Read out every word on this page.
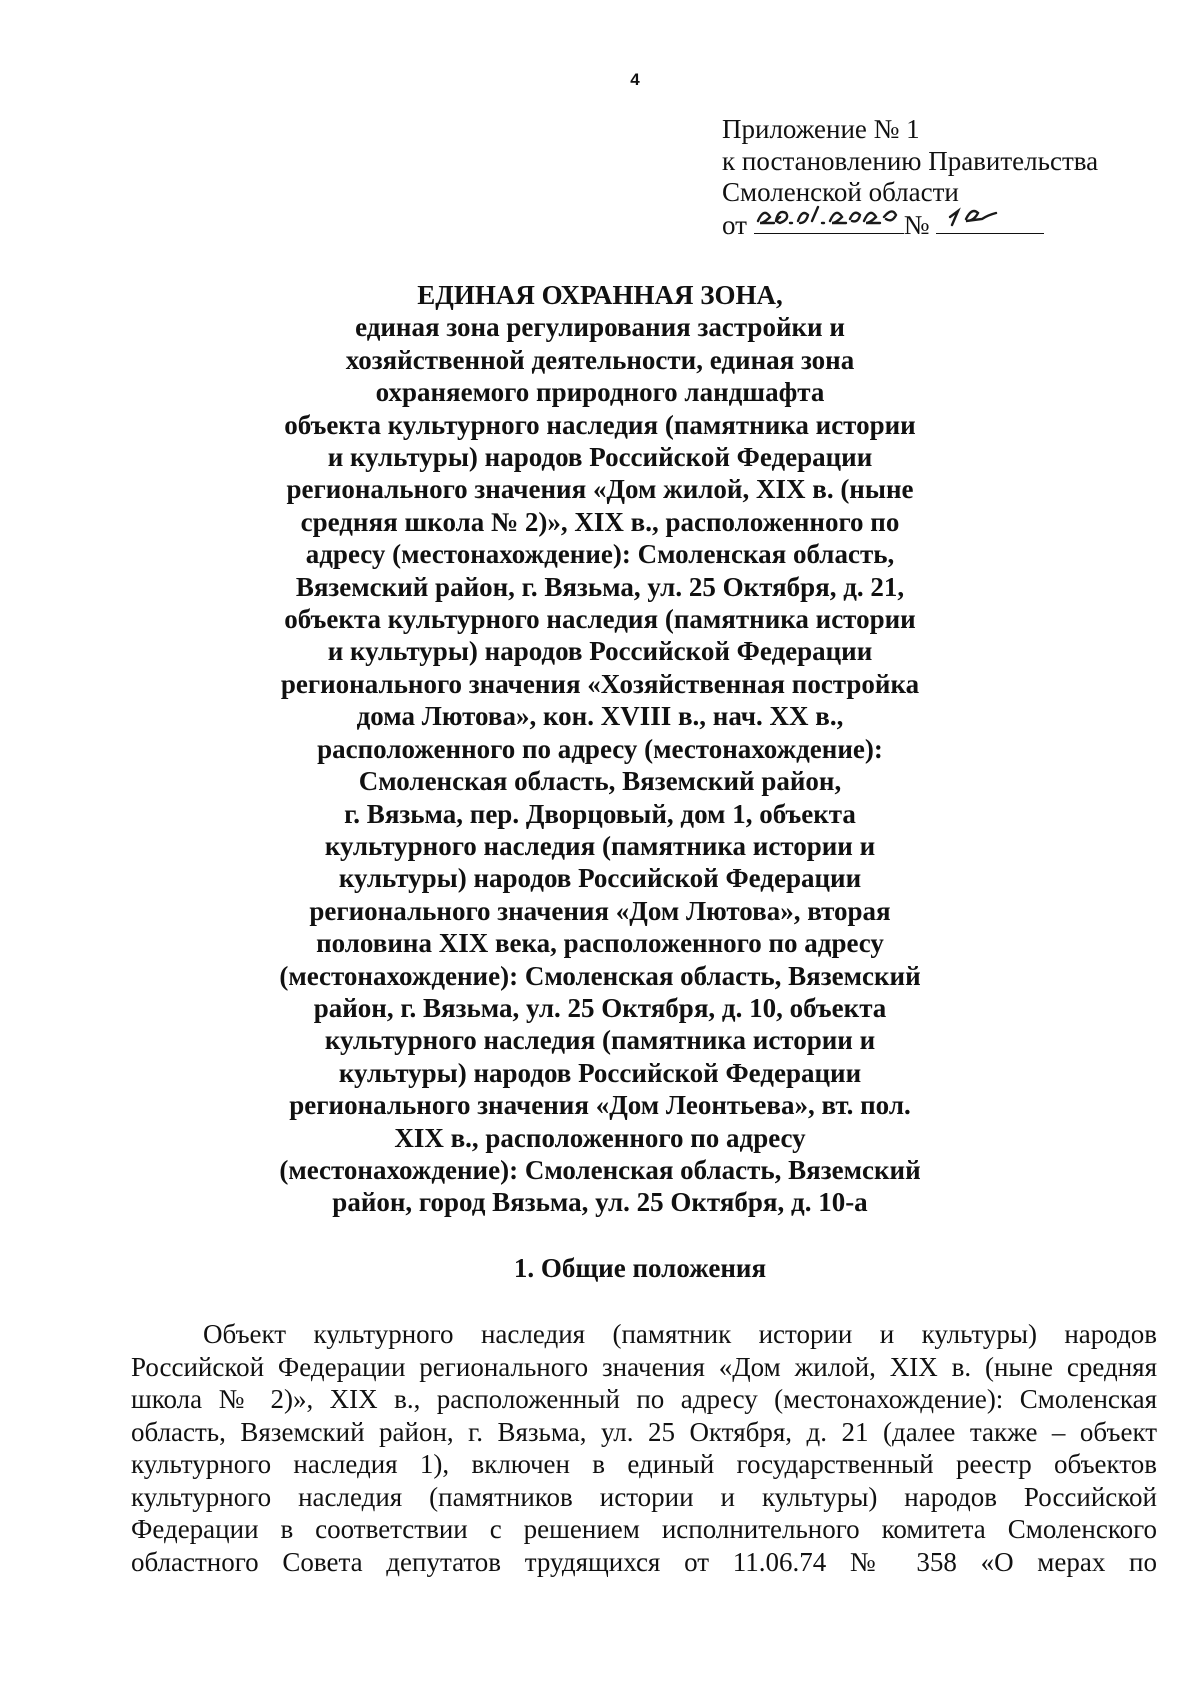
4
Приложение № 1
к постановлению Правительства
Смоленской области
от	№
ЕДИНАЯ ОХРАННАЯ ЗОНА,
единая зона регулирования застройки и
хозяйственной деятельности, единая зона
охраняемого природного ландшафта
объекта культурного наследия (памятника истории
и культуры) народов Российской Федерации
регионального значения «Дом жилой, XIX в. (ныне
средняя школа № 2)», XIX в., расположенного по
адресу (местонахождение): Смоленская область,
Вяземский район, г. Вязьма, ул. 25 Октября, д. 21,
объекта культурного наследия (памятника истории
и культуры) народов Российской Федерации
регионального значения «Хозяйственная постройка
дома Лютова», кон. XVIII в., нач. XX в.,
расположенного по адресу (местонахождение):
Смоленская область, Вяземский район,
г. Вязьма, пер. Дворцовый, дом 1, объекта
культурного наследия (памятника истории и
культуры) народов Российской Федерации
регионального значения «Дом Лютова», вторая
половина XIX века, расположенного по адресу
(местонахождение): Смоленская область, Вяземский
район, г. Вязьма, ул. 25 Октября, д. 10, объекта
культурного наследия (памятника истории и
культуры) народов Российской Федерации
регионального значения «Дом Леонтьева», вт. пол.
XIX в., расположенного по адресу
(местонахождение): Смоленская область, Вяземский
район, город Вязьма, ул. 25 Октября, д. 10-а
1. Общие положения
Объект культурного наследия (памятник истории и культуры) народов
Российской Федерации регионального значения «Дом жилой, XIX в. (ныне средняя
школа № 2)», XIX в., расположенный по адресу (местонахождение): Смоленская
область, Вяземский район, г. Вязьма, ул. 25 Октября, д. 21 (далее также – объект
культурного наследия 1), включен в единый государственный реестр объектов
культурного наследия (памятников истории и культуры) народов Российской
Федерации в соответствии с решением исполнительного комитета Смоленского
областного Совета депутатов трудящихся от 11.06.74 № 358 «О мерах по
